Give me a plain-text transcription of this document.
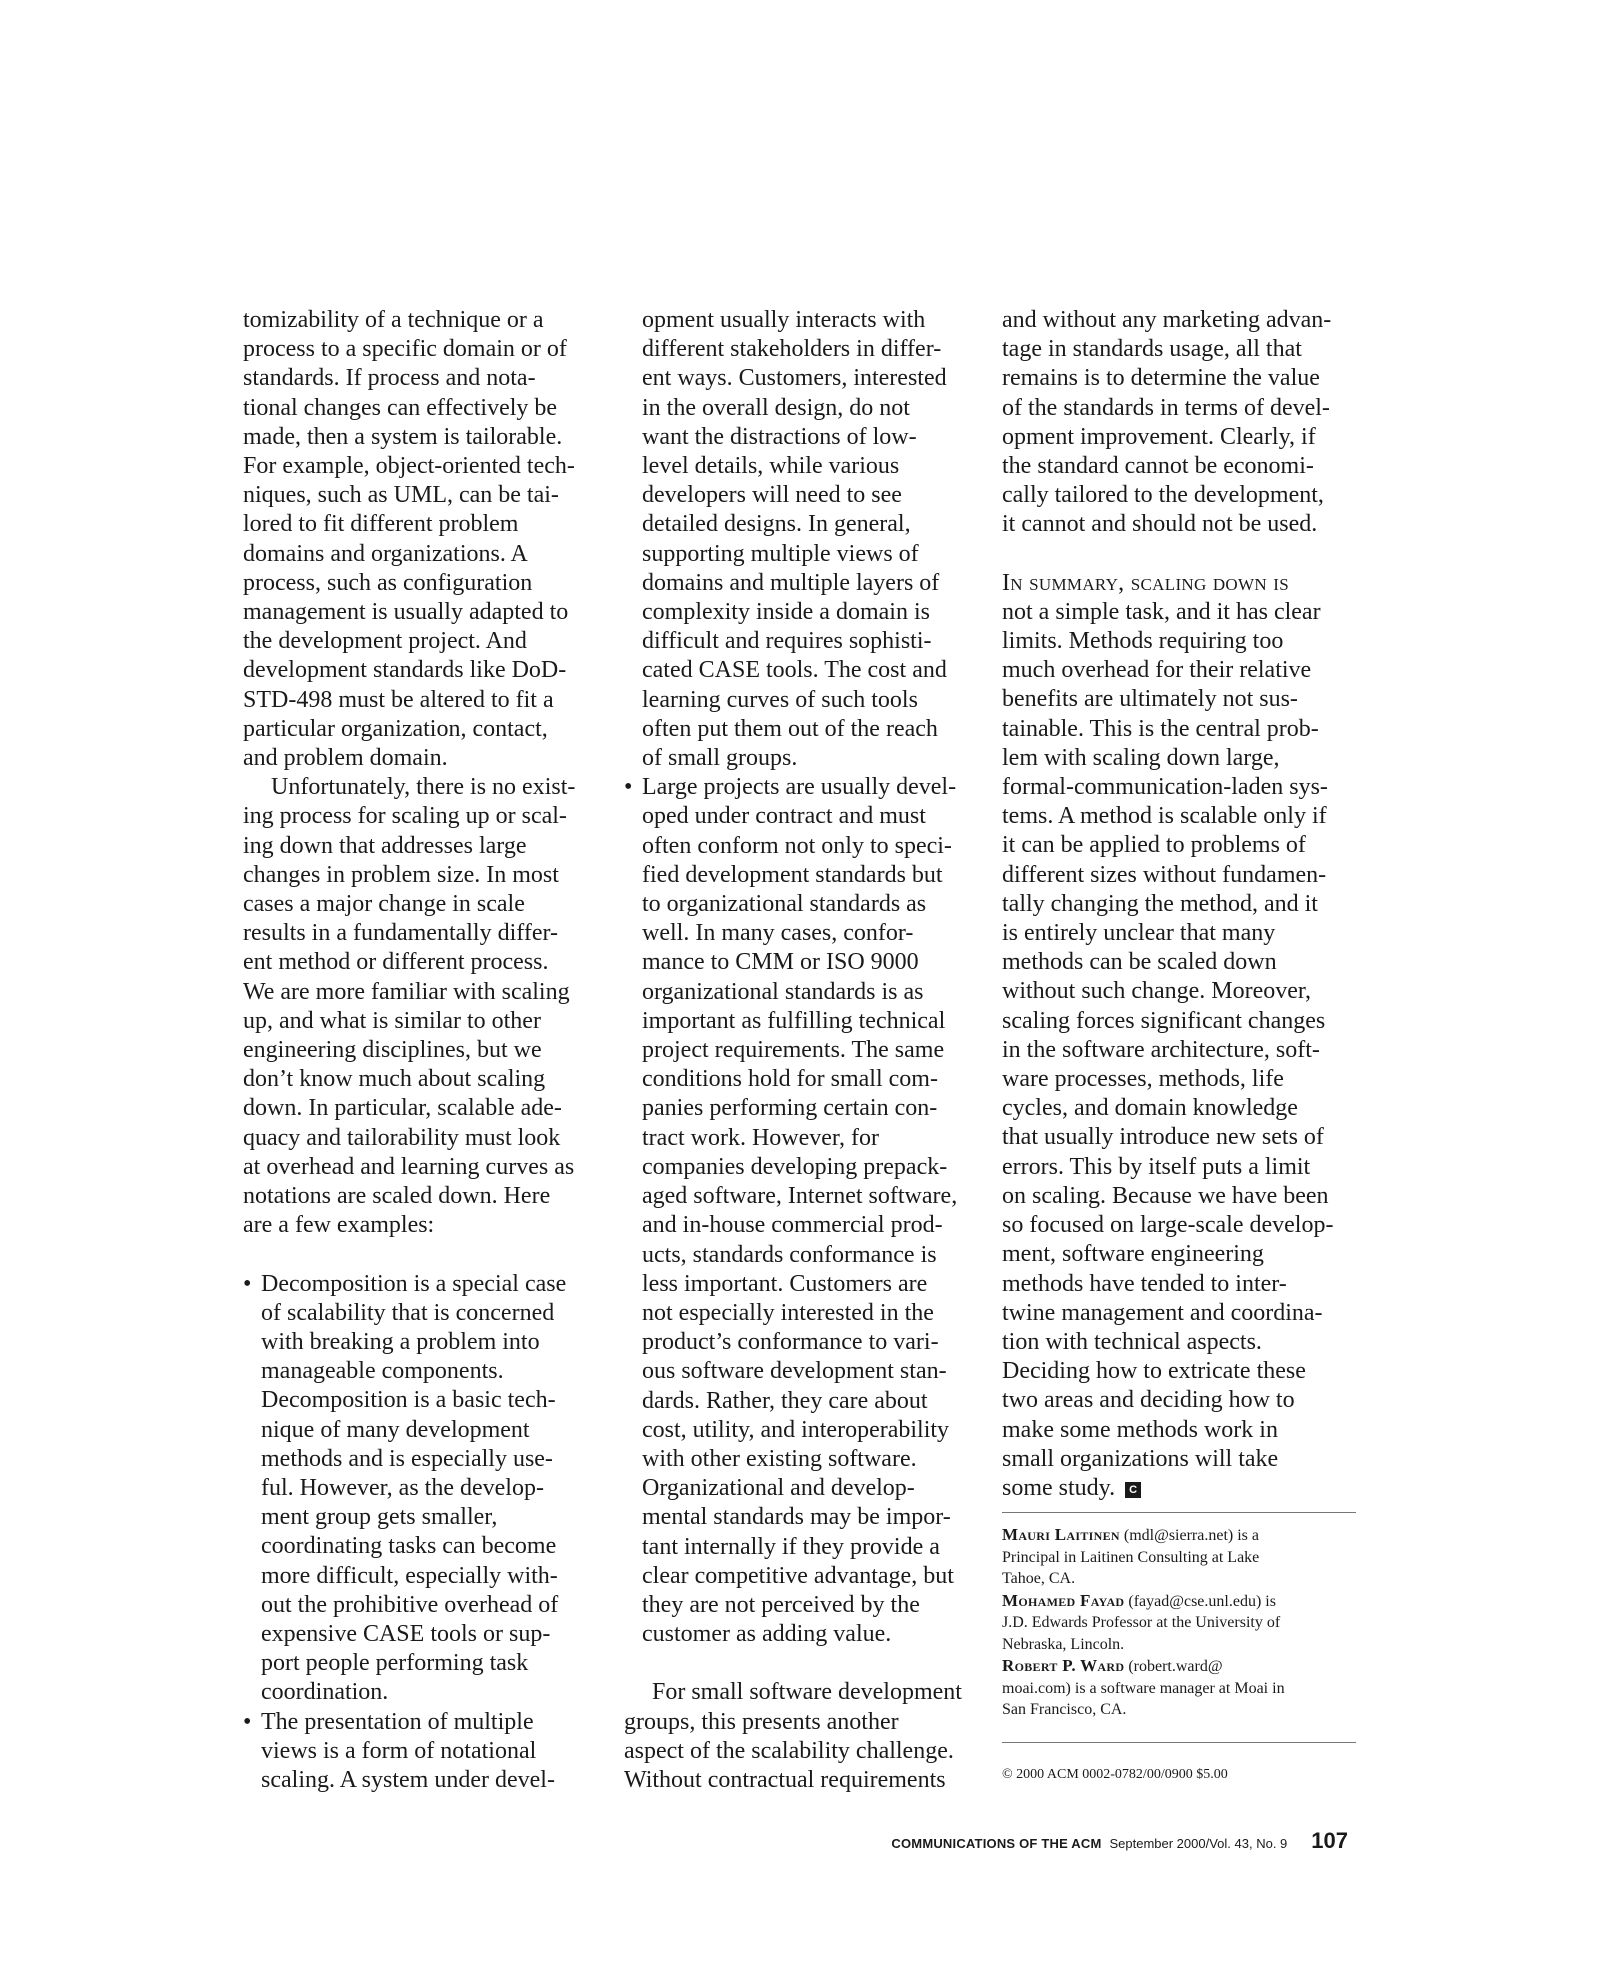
tomizability of a technique or a
process to a specific domain or of
standards. If process and nota-
tional changes can effectively be
made, then a system is tailorable.
For example, object-oriented tech-
niques, such as UML, can be tai-
lored to fit different problem
domains and organizations. A
process, such as configuration
management is usually adapted to
the development project. And
development standards like DoD-
STD-498 must be altered to fit a
particular organization, contact,
and problem domain.
Unfortunately, there is no exist-
ing process for scaling up or scal-
ing down that addresses large
changes in problem size. In most
cases a major change in scale
results in a fundamentally differ-
ent method or different process.
We are more familiar with scaling
up, and what is similar to other
engineering disciplines, but we
don’t know much about scaling
down. In particular, scalable ade-
quacy and tailorability must look
at overhead and learning curves as
notations are scaled down. Here
are a few examples:
• Decomposition is a special case
of scalability that is concerned
with breaking a problem into
manageable components.
Decomposition is a basic tech-
nique of many development
methods and is especially use-
ful. However, as the develop-
ment group gets smaller,
coordinating tasks can become
more difficult, especially with-
out the prohibitive overhead of
expensive CASE tools or sup-
port people performing task
coordination.
• The presentation of multiple
views is a form of notational
scaling. A system under devel-
opment usually interacts with
different stakeholders in differ-
ent ways. Customers, interested
in the overall design, do not
want the distractions of low-
level details, while various
developers will need to see
detailed designs. In general,
supporting multiple views of
domains and multiple layers of
complexity inside a domain is
difficult and requires sophisti-
cated CASE tools. The cost and
learning curves of such tools
often put them out of the reach
of small groups.
• Large projects are usually devel-
oped under contract and must
often conform not only to speci-
fied development standards but
to organizational standards as
well. In many cases, confor-
mance to CMM or ISO 9000
organizational standards is as
important as fulfilling technical
project requirements. The same
conditions hold for small com-
panies performing certain con-
tract work. However, for
companies developing prepack-
aged software, Internet software,
and in-house commercial prod-
ucts, standards conformance is
less important. Customers are
not especially interested in the
product’s conformance to vari-
ous software development stan-
dards. Rather, they care about
cost, utility, and interoperability
with other existing software.
Organizational and develop-
mental standards may be impor-
tant internally if they provide a
clear competitive advantage, but
they are not perceived by the
customer as adding value.
For small software development
groups, this presents another
aspect of the scalability challenge.
Without contractual requirements
and without any marketing advan-
tage in standards usage, all that
remains is to determine the value
of the standards in terms of devel-
opment improvement. Clearly, if
the standard cannot be economi-
cally tailored to the development,
it cannot and should not be used.
In summary, scaling down is
not a simple task, and it has clear
limits. Methods requiring too
much overhead for their relative
benefits are ultimately not sus-
tainable. This is the central prob-
lem with scaling down large,
formal-communication-laden sys-
tems. A method is scalable only if
it can be applied to problems of
different sizes without fundamen-
tally changing the method, and it
is entirely unclear that many
methods can be scaled down
without such change. Moreover,
scaling forces significant changes
in the software architecture, soft-
ware processes, methods, life
cycles, and domain knowledge
that usually introduce new sets of
errors. This by itself puts a limit
on scaling. Because we have been
so focused on large-scale develop-
ment, software engineering
methods have tended to inter-
twine management and coordina-
tion with technical aspects.
Deciding how to extricate these
two areas and deciding how to
make some methods work in
small organizations will take
some study. C
Mauri Laitinen (mdl@sierra.net) is a
Principal in Laitinen Consulting at Lake
Tahoe, CA.
Mohamed Fayad (fayad@cse.unl.edu) is
J.D. Edwards Professor at the University of
Nebraska, Lincoln.
Robert P. Ward (robert.ward@
moai.com) is a software manager at Moai in
San Francisco, CA.
© 2000 ACM 0002-0782/00/0900 $5.00
COMMUNICATIONS OF THE ACM September 2000/Vol. 43, No. 9 107
